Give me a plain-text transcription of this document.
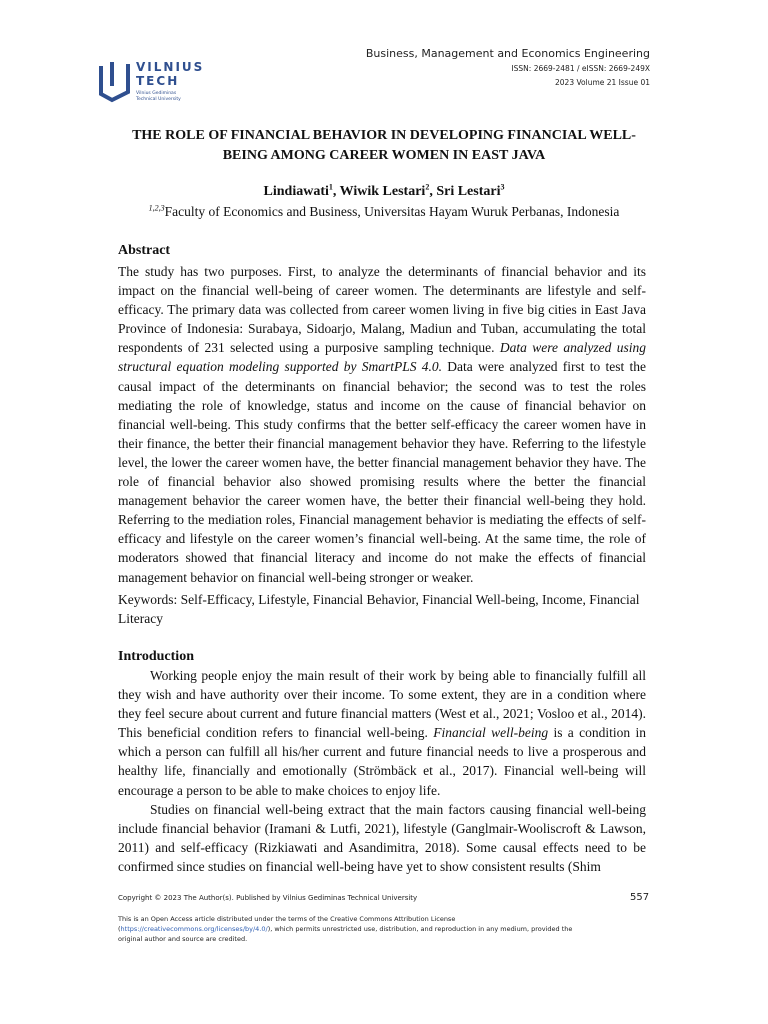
VILNIUS
TECH
Vilnius Gediminas
Technical University
Business, Management and Economics Engineering
ISSN: 2669-2481 / eISSN: 2669-249X
2023 Volume 21 Issue 01
THE ROLE OF FINANCIAL BEHAVIOR IN DEVELOPING FINANCIAL WELL-
BEING AMONG CAREER WOMEN IN EAST JAVA
Lindiawati$^1$, Wiwik Lestari$^2$, Sri Lestari$^3$
$^{1,2,3}$Faculty of Economics and Business, Universitas Hayam Wuruk Perbanas, Indonesia
Abstract
The study has two purposes. First, to analyze the determinants of financial behavior and its impact on the financial well-being of career women. The determinants are lifestyle and self-efficacy. The primary data was collected from career women living in five big cities in East Java Province of Indonesia: Surabaya, Sidoarjo, Malang, Madiun and Tuban, accumulating the total respondents of 231 selected using a purposive sampling technique. Data were analyzed using structural equation modeling supported by SmartPLS 4.0. Data were analyzed first to test the causal impact of the determinants on financial behavior; the second was to test the roles mediating the role of knowledge, status and income on the cause of financial behavior on financial well-being. This study confirms that the better self-efficacy the career women have in their finance, the better their financial management behavior they have. Referring to the lifestyle level, the lower the career women have, the better financial management behavior they have. The role of financial behavior also showed promising results where the better the financial management behavior the career women have, the better their financial well-being they hold. Referring to the mediation roles, Financial management behavior is mediating the effects of self-efficacy and lifestyle on the career women’s financial well-being. At the same time, the role of moderators showed that financial literacy and income do not make the effects of financial management behavior on financial well-being stronger or weaker.
Keywords: Self-Efficacy, Lifestyle, Financial Behavior, Financial Well-being, Income, Financial Literacy
Introduction
Working people enjoy the main result of their work by being able to financially fulfill all they wish and have authority over their income. To some extent, they are in a condition where they feel secure about current and future financial matters (West et al., 2021; Vosloo et al., 2014). This beneficial condition refers to financial well-being. Financial well-being is a condition in which a person can fulfill all his/her current and future financial needs to live a prosperous and healthy life, financially and emotionally (Strömbäck et al., 2017). Financial well-being will encourage a person to be able to make choices to enjoy life.
Studies on financial well-being extract that the main factors causing financial well-being include financial behavior (Iramani & Lutfi, 2021), lifestyle (Ganglmair-Wooliscroft & Lawson, 2011) and self-efficacy (Rizkiawati and Asandimitra, 2018). Some causal effects need to be confirmed since studies on financial well-being have yet to show consistent results (Shim
Copyright © 2023 The Author(s). Published by Vilnius Gediminas Technical University	557
This is an Open Access article distributed under the terms of the Creative Commons Attribution License (https://creativecommons.org/licenses/by/4.0/), which permits unrestricted use, distribution, and reproduction in any medium, provided the original author and source are credited.
